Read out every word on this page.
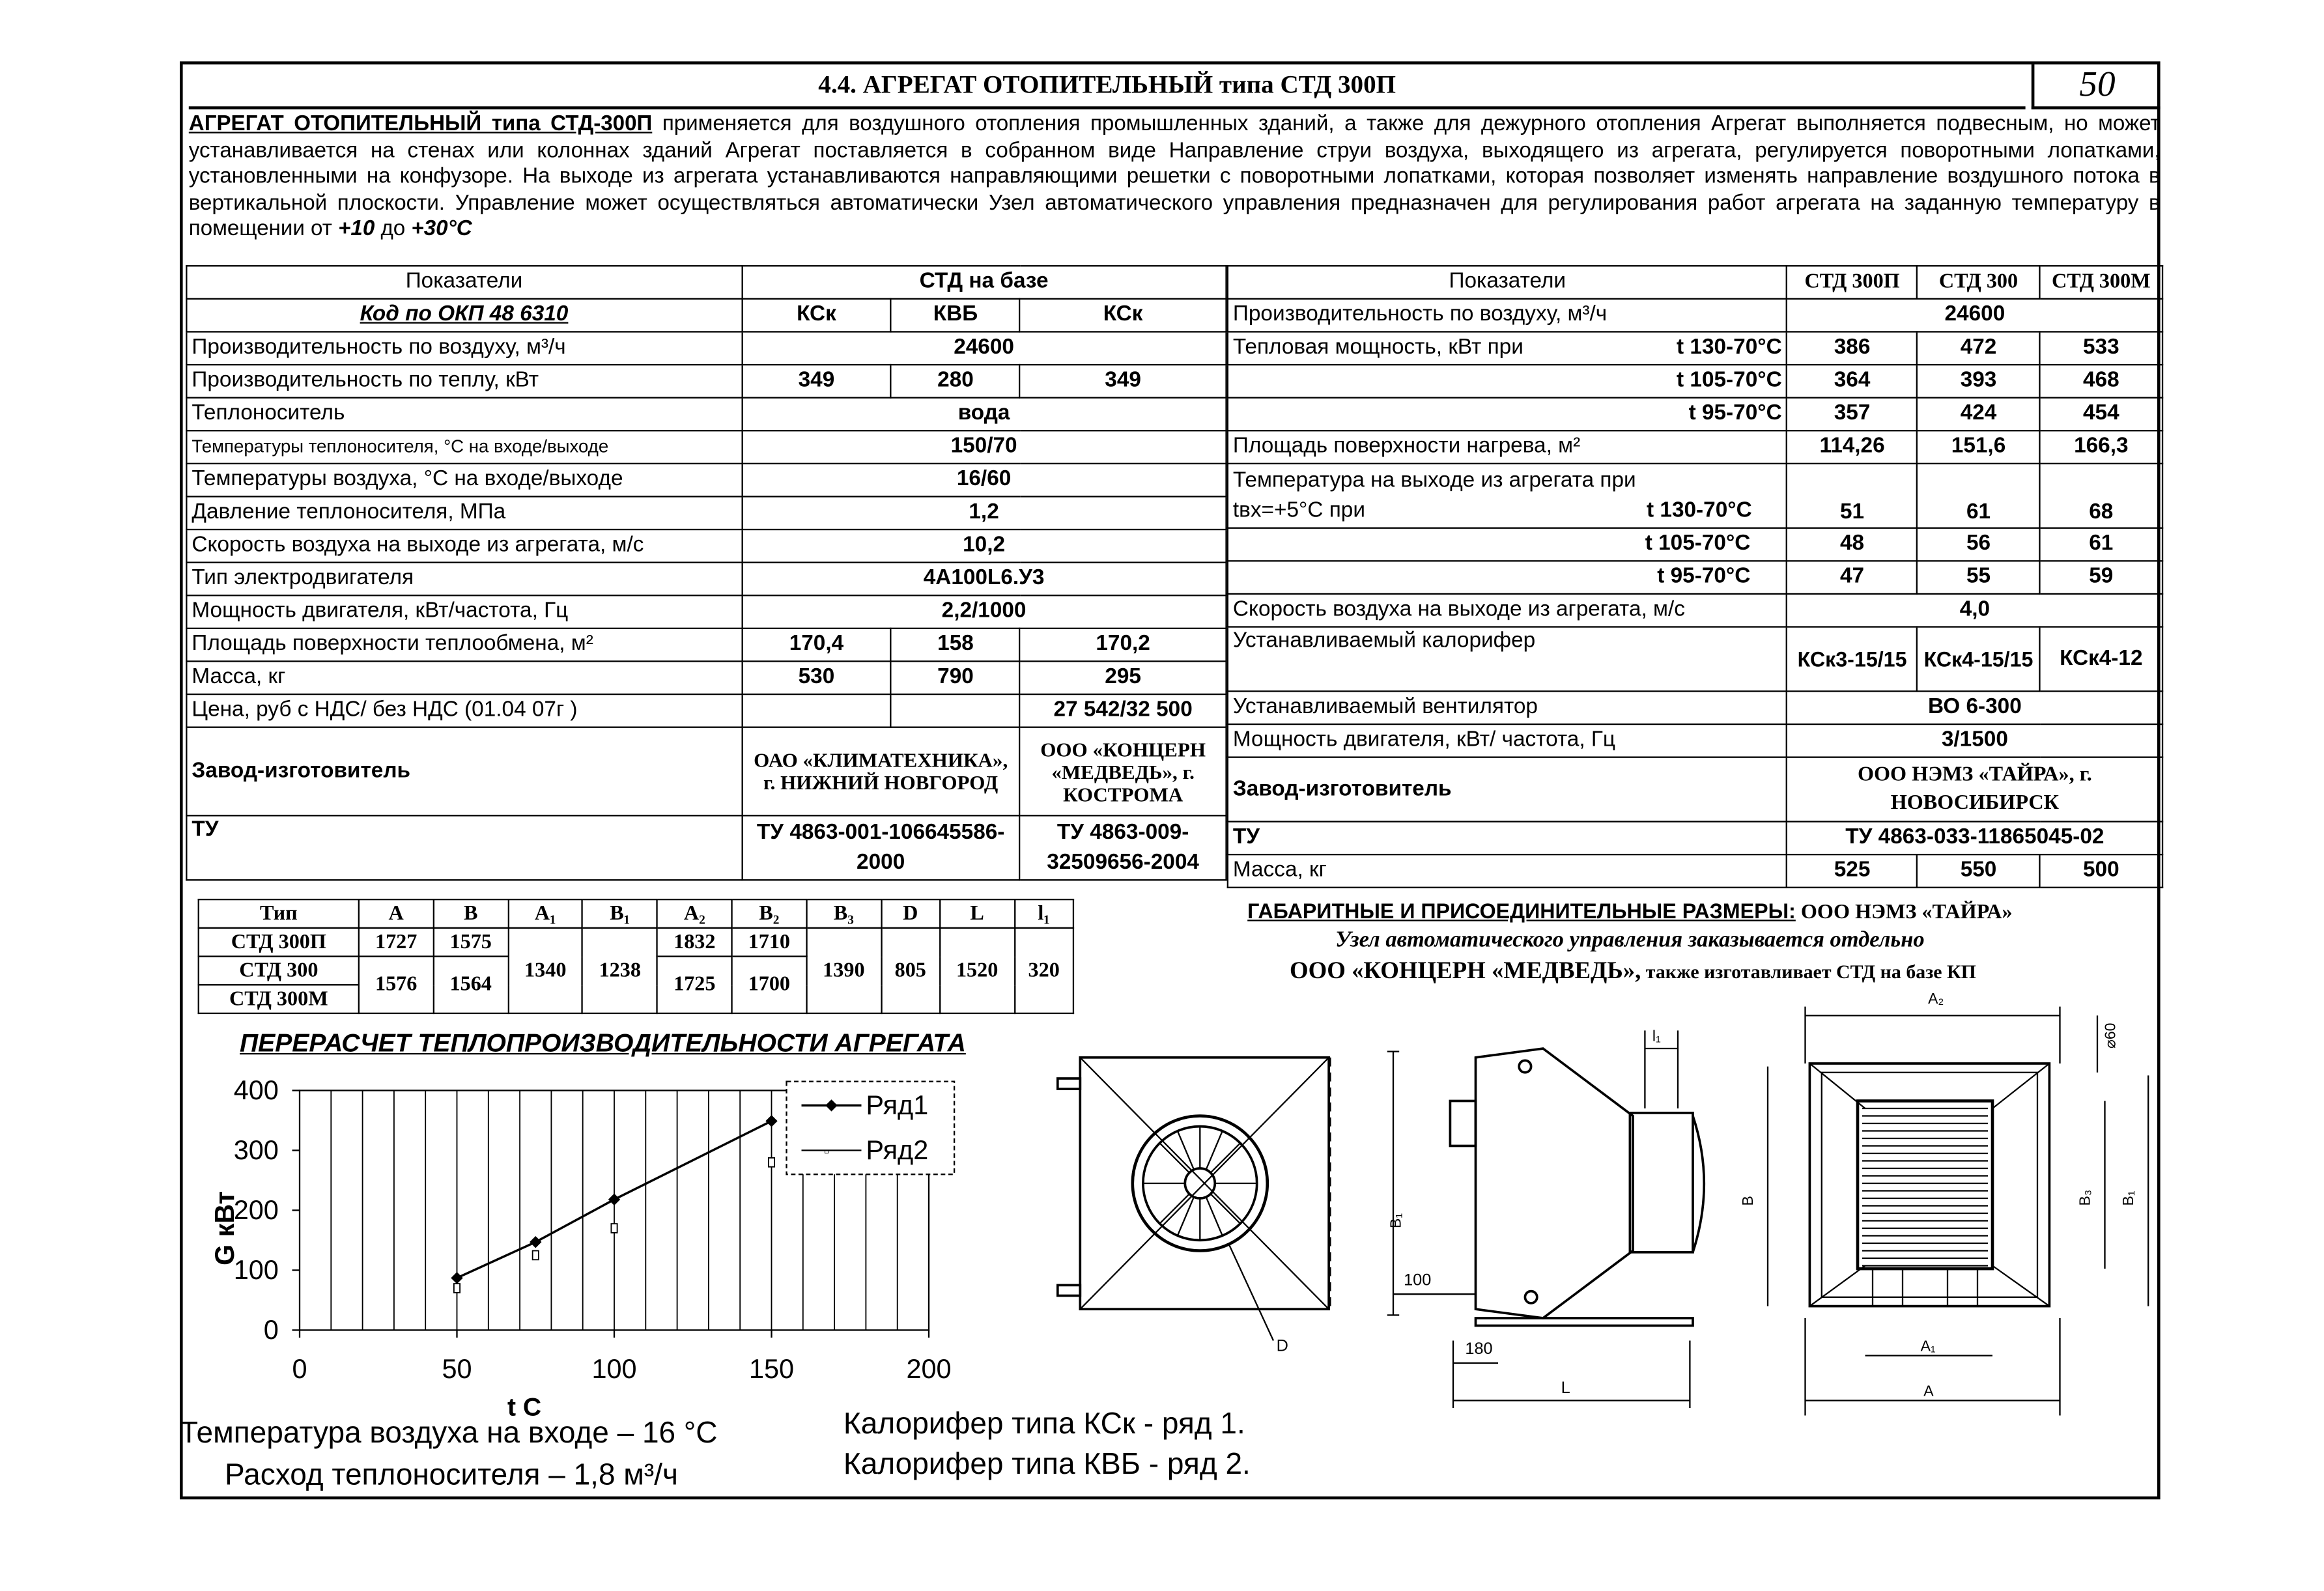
4.4. АГРЕГАТ ОТОПИТЕЛЬНЫЙ типа СТД 300П	50
АГРЕГАТ ОТОПИТЕЛЬНЫЙ типа СТД-300П применяется для воздушного отопления промышленных зданий, а также для дежурного отопления Агрегат выполняется подвесным, но может устанавливается на стенах или колоннах зданий Агрегат поставляется в собранном виде Направление струи воздуха, выходящего из агрегата, регулируется поворотными лопатками, установленными на конфузоре. На выходе из агрегата устанавливаются направляющими решетки с поворотными лопатками, которая позволяет изменять направление воздушного потока в вертикальной плоскости. Управление может осуществляться автоматически Узел автоматического управления предназначен для регулирования работ агрегата на заданную температуру в помещении от +10 до +30°С
Показатели	СТД на базе		
Код по ОКП 48 6310	КСк	КВБ	КСк
Производительность по воздуху, м³/ч	24600		
Производительность по теплу, кВт	349	280	349
Теплоноситель	вода		
Температуры теплоносителя, °С на входе/выходе	150/70		
Температуры воздуха, °С на входе/выходе	16/60		
Давление теплоносителя, МПа	1,2		
Скорость воздуха на выходе из агрегата, м/с	10,2		
Тип электродвигателя	4А100L6.У3		
Мощность двигателя, кВт/частота, Гц	2,2/1000		
Площадь поверхности теплообмена, м²	170,4	158	170,2
Масса, кг	530	790	295
Цена, руб с НДС/ без НДС (01.04 07г )			27 542/32 500
Завод-изготовитель	ОАО «КЛИМАТЕХНИКА», г. НИЖНИЙ НОВГОРОД		ООО «КОНЦЕРН «МЕДВЕДЬ», г. КОСТРОМА
ТУ	ТУ 4863-001-106645586-2000		ТУ 4863-009-32509656-2004
Показатели	СТД 300П	СТД 300	СТД 300М
Производительность по воздуху, м³/ч	24600		
Тепловая мощность, кВт при t 130-70°С	386	472	533
t 105-70°С	364	393	468
t 95-70°С	357	424	454
Площадь поверхности нагрева, м²	114,26	151,6	166,3

Температура на выходе из агрегата при
tвх=+5°С при t 130-70°С	51	61	68
t 105-70°С	48	56	61
t 95-70°С	47	55	59
Скорость воздуха на выходе из агрегата, м/с	4,0		
Устанавливаемый калорифер	КСк3-15/15	КСк4-15/15	КСк4-12
Устанавливаемый вентилятор	ВО 6-300		
Мощность двигателя, кВт/ частота, Гц	3/1500		
Завод-изготовитель	ООО НЭМЗ «ТАЙРА», г. НОВОСИБИРСК		
ТУ	ТУ 4863-033-11865045-02		
Масса, кг	525	550	500
Тип	A	B	A₁	B₁	A₂	B₂	B₃	D	L	l₁
СТД 300П	1727	1575	1340	1238	1832	1710	1390	805	1520	320
СТД 300	1576	1564			1725	1700				
СТД 300М										
ГАБАРИТНЫЕ И ПРИСОЕДИНИТЕЛЬНЫЕ РАЗМЕРЫ: ООО НЭМЗ «ТАЙРА»
Узел автоматического управления заказывается отдельно
ООО «КОНЦЕРН «МЕДВЕДЬ», также изготавливает СТД на базе КП
D
B₁
l₁
100
180
L
A₂
⌀60
B	B₃	B₁
A₁
A
ПЕРЕРАСЧЕТ ТЕПЛОПРОИЗВОДИТЕЛЬНОСТИ АГРЕГАТА
0	50	100	150	200
0
100
200
300
400	Ряд1
▫	Ряд2
G кВт
t C
Температура воздуха на входе – 16 °С
Расход теплоносителя – 1,8 м³/ч
Калорифер типа КСк - ряд 1.
Калорифер типа КВБ - ряд 2.
